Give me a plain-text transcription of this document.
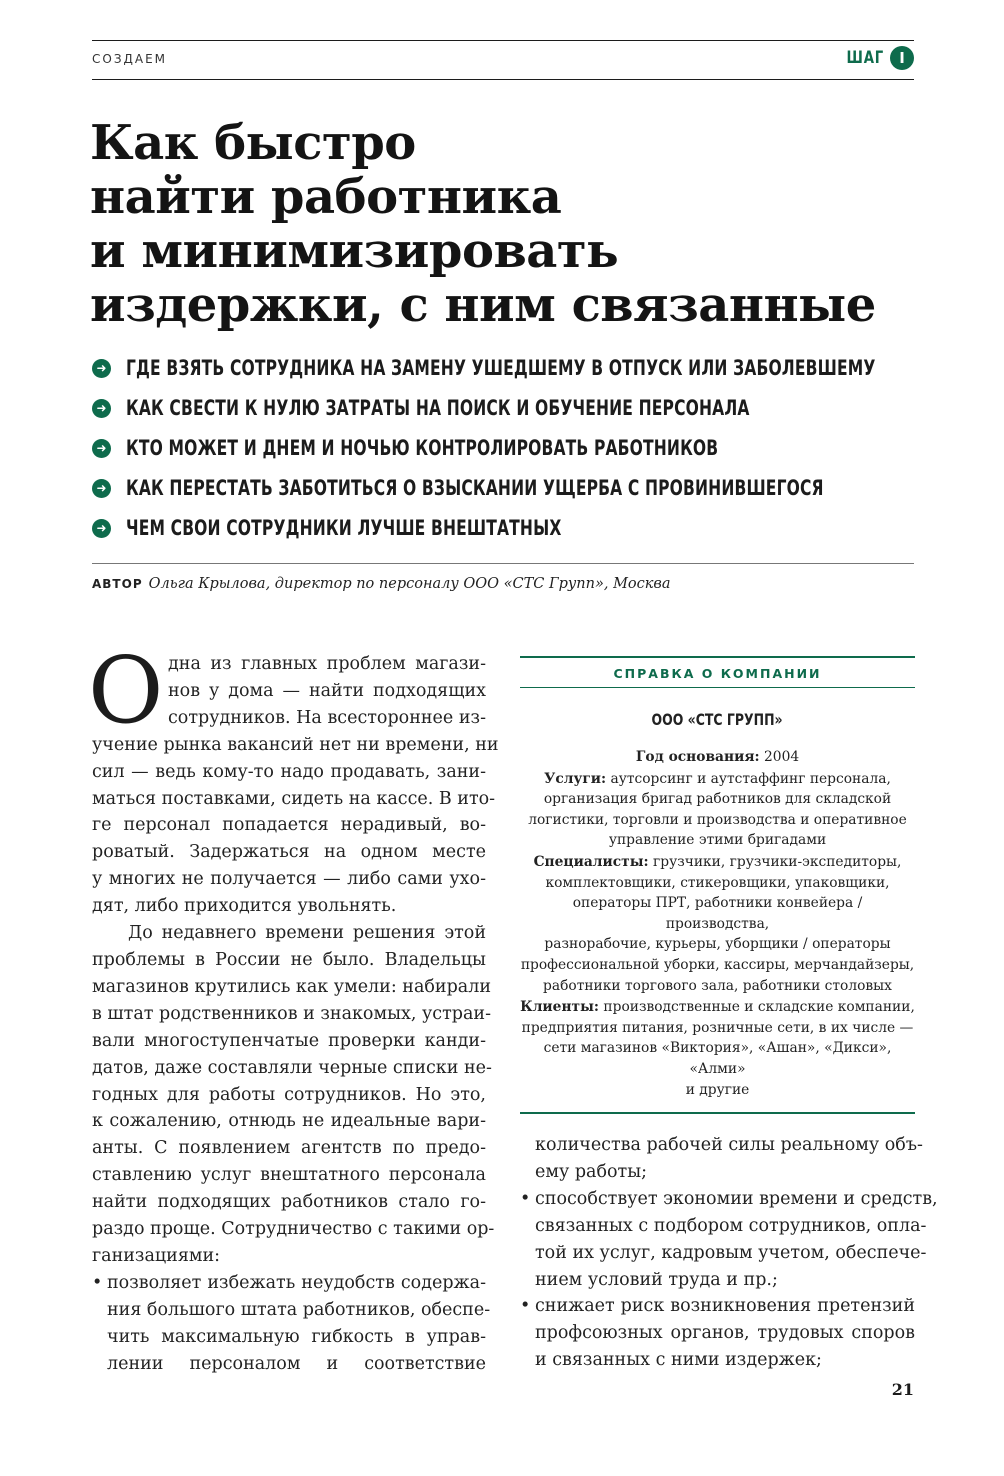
СОЗДАЕМ	ШАГ	I
Как быстро
найти работника
и минимизировать
издержки, с ним связанные
➜ ГДЕ ВЗЯТЬ СОТРУДНИКА НА ЗАМЕНУ УШЕДШЕМУ В ОТПУСК ИЛИ ЗАБОЛЕВШЕМУ
➜ КАК СВЕСТИ К НУЛЮ ЗАТРАТЫ НА ПОИСК И ОБУЧЕНИЕ ПЕРСОНАЛА
➜ КТО МОЖЕТ И ДНЕМ И НОЧЬЮ КОНТРОЛИРОВАТЬ РАБОТНИКОВ
➜ КАК ПЕРЕСТАТЬ ЗАБОТИТЬСЯ О ВЗЫСКАНИИ УЩЕРБА С ПРОВИНИВШЕГОСЯ
➜ ЧЕМ СВОИ СОТРУДНИКИ ЛУЧШЕ ВНЕШТАТНЫХ
АВТОР Ольга Крылова, директор по персоналу ООО «СТС Групп», Москва
О дна из главных проблем магази-
нов у дома — найти подходящих
сотрудников. На всестороннее из-
учение рынка вакансий нет ни времени, ни
сил — ведь кому-то надо продавать, зани-
маться поставками, сидеть на кассе. В ито-
ге персонал попадается нерадивый, во-
роватый. Задержаться на одном месте
у многих не получается — либо сами ухо-
дят, либо приходится увольнять.
До недавнего времени решения этой
проблемы в России не было. Владельцы
магазинов крутились как умели: набирали
в штат родственников и знакомых, устраи-
вали многоступенчатые проверки канди-
датов, даже составляли черные списки не-
годных для работы сотрудников. Но это,
к сожалению, отнюдь не идеальные вари-
анты. С появлением агентств по предо-
ставлению услуг внештатного персонала
найти подходящих работников стало го-
раздо проще. Сотрудничество с такими ор-
ганизациями:
• позволяет избежать неудобств содержа-
ния большого штата работников, обеспе-
чить максимальную гибкость в управ-
лении персоналом и соответствие
СПРАВКА О КОМПАНИИ
ООО «СТС ГРУПП»
Год основания: 2004
Услуги: аутсорсинг и аутстаффинг персонала,
организация бригад работников для складской
логистики, торговли и производства и оперативное
управление этими бригадами
Специалисты: грузчики, грузчики-экспедиторы,
комплектовщики, стикеровщики, упаковщики,
операторы ПРТ, работники конвейера / производства,
разнорабочие, курьеры, уборщики / операторы
профессиональной уборки, кассиры, мерчандайзеры,
работники торгового зала, работники столовых
Клиенты: производственные и складские компании,
предприятия питания, розничные сети, в их числе —
сети магазинов «Виктория», «Ашан», «Дикси», «Алми»
и другие
количества рабочей силы реальному объ-
ему работы;
• способствует экономии времени и средств,
связанных с подбором сотрудников, опла-
той их услуг, кадровым учетом, обеспече-
нием условий труда и пр.;
• снижает риск возникновения претензий
профсоюзных органов, трудовых споров
и связанных с ними издержек;
21
